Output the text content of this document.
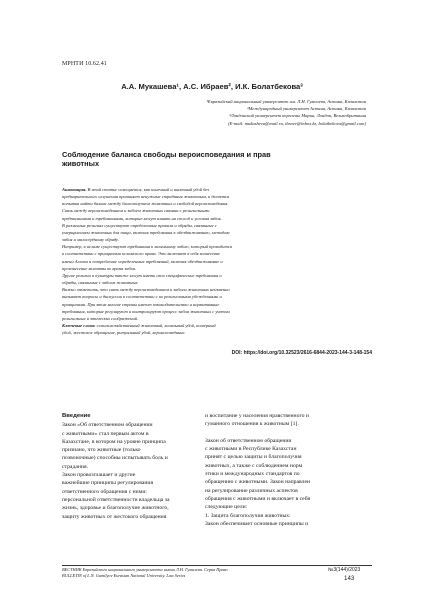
МРНТИ 10.62.41
А.А. Мукашева¹, А.С. Ибраев², И.К. Болатбекова³
¹Евразийский национальный университет им. Л.Н. Гумилева, Астана, Казахстан
²Международный университет Астана, Астана, Казахстан
³Лондонский университет королевы Марии, Лондон, Великобритания
(E-mail: mukasheva@mail.ru, ibraev@inbox.kz, bolatbekova@gmail.com)
Соблюдение баланса свободы вероисповедания и прав
животных
Аннотация. В этой статье освещается, как конечный и шахтный убой без
предварительного оглушения причиняет ненужные страдания животным, и делается
попытка найти баланс между благополучием животных и свободой вероисповедания.
Связь между вероисповеданием и забоем животных связана с религиозными
предписаниями и требованиями, которые могут влиять на способ и условия забоя.
В различных религиях существуют определенные правила и обряды, связанные с
умерщвлением животных для пищи, включая требования к обездвиживанию, методам
забоя и милосердному обряду.
Например, в исламе существуют требования к халяльному забою, который проводится
в соответствии с принципами исламского права. Это включает в себя вознесение
имени Аллаха и потребление определенных требований, включая обездвиживание и
произнесение молитвы во время забоя.
Другие религии и культуры также могут иметь свои специфические требования и
обряды, связанные с забоем животных.
Важно отметить, что связь между вероисповеданием и забоем животных неизменно
вызывает вопросы и дискуссии в соответствии с их религиозными убеждениями и
принципами. При этом многие страны имеют законодательство и нормативные
требования, которые регулируют и контролируют процесс забоя животных с учетом
религиозных и этических соображений.
Ключевые слова: сельскохозяйственный животный, халяльный убой, кошерный
убой, жестокое обращение, ритуальный убой, вероисповедание.
DOI: https://doi.org/10.32523/2616-6844-2023-144-3-148-154
Введение
Закон «Об ответственном обращении
с животными» стал первым актом в
Казахстане, в котором на уровне принципа
признано, что животные (только
позвоночные) способны испытывать боль и
страдания.
Закон провозглашает и другие
важнейшие принципы регулирования
ответственного обращения с ними:
персональной ответственности владельца за
жизнь, здоровье и благополучие животного,
защиту животных от жестокого обращения
и воспитание у населения нравственного и
гуманного отношения к животным [1].

Закон об ответственном обращении
с животными в Республике Казахстан
принят с целью защиты и благополучия
животных, а также с соблюдением норм
этики и международных стандартов по
обращению с животными. Закон направлен
на регулирование различных аспектов
обращения с животными и включает в себя
следующие цели:
1. Защита благополучия животных:
Закон обеспечивает основные принципы и
ВЕСТНИК Евразийского национального университета имени Л.Н. Гумилева. Серия Право
BULLETIN of L.N. Gumilyov Eurasian National University. Law Series
№3(144)/2023
143
